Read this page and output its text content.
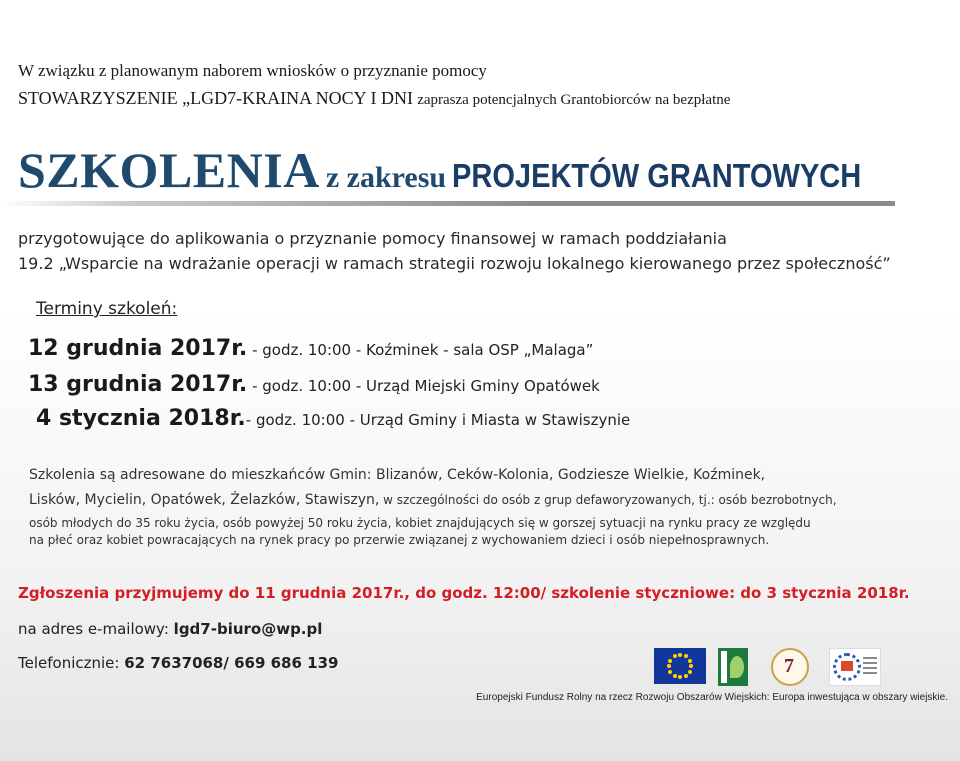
W związku z planowanym naborem wniosków o przyznanie pomocy
STOWARZYSZENIE „LGD7-KRAINA NOCY I DNI zaprasza potencjalnych Grantobiorców na bezpłatne
SZKOLENIA z zakresu PROJEKTÓW GRANTOWYCH
przygotowujące do aplikowania o przyznanie pomocy finansowej w ramach poddziałania
19.2 „Wsparcie na wdrażanie operacji w ramach strategii rozwoju lokalnego kierowanego przez społeczność”
Terminy szkoleń:
12 grudnia 2017r. - godz. 10:00 - Koźminek - sala OSP „Malaga”
13 grudnia 2017r. - godz. 10:00 - Urząd Miejski Gminy Opatówek
4 stycznia 2018r.- godz. 10:00 - Urząd Gminy i Miasta w Stawiszynie
Szkolenia są adresowane do mieszkańców Gmin: Blizanów, Ceków-Kolonia, Godziesze Wielkie, Koźminek,
Lisków, Mycielin, Opatówek, Żelazków, Stawiszyn, w szczególności do osób z grup defaworyzowanych, tj.: osób bezrobotnych,
osób młodych do 35 roku życia, osób powyżej 50 roku życia, kobiet znajdujących się w gorszej sytuacji na rynku pracy ze względu
na płeć oraz kobiet powracających na rynek pracy po przerwie związanej z wychowaniem dzieci i osób niepełnosprawnych.
Zgłoszenia przyjmujemy do 11 grudnia 2017r., do godz. 12:00/ szkolenie styczniowe: do 3 stycznia 2018r.
na adres e-mailowy: lgd7-biuro@wp.pl
Telefonicznie: 62 7637068/ 669 686 139	7
Europejski Fundusz Rolny na rzecz Rozwoju Obszarów Wiejskich: Europa inwestująca w obszary wiejskie.
